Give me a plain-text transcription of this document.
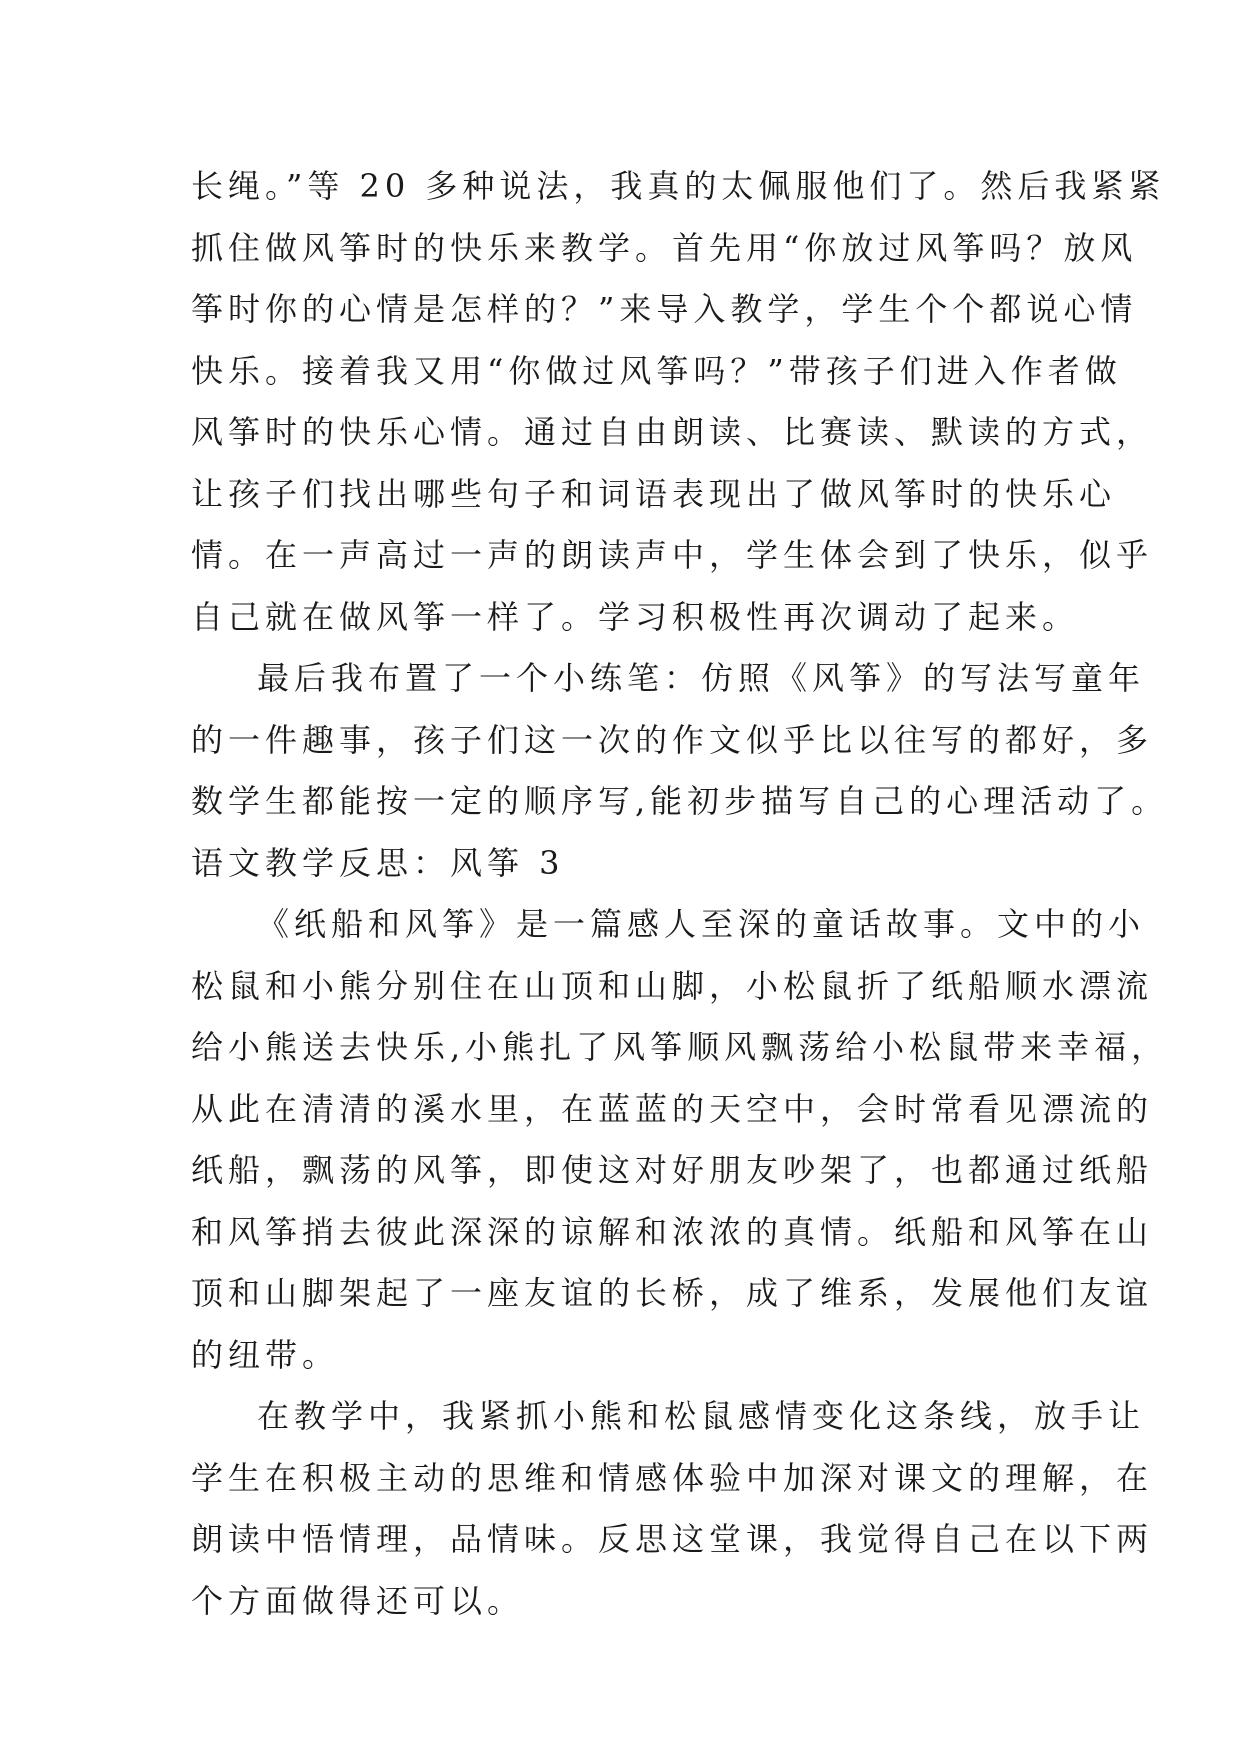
长绳。”等 20 多种说法，我真的太佩服他们了。然后我紧紧
抓住做风筝时的快乐来教学。首先用“你放过风筝吗？放风
筝时你的心情是怎样的？”来导入教学，学生个个都说心情
快乐。接着我又用“你做过风筝吗？”带孩子们进入作者做
风筝时的快乐心情。通过自由朗读、比赛读、默读的方式，
让孩子们找出哪些句子和词语表现出了做风筝时的快乐心
情。在一声高过一声的朗读声中，学生体会到了快乐，似乎
自己就在做风筝一样了。学习积极性再次调动了起来。
最后我布置了一个小练笔：仿照《风筝》的写法写童年
的一件趣事，孩子们这一次的作文似乎比以往写的都好，多
数学生都能按一定的顺序写,能初步描写自己的心理活动了。
语文教学反思：风筝 3
《纸船和风筝》是一篇感人至深的童话故事。文中的小
松鼠和小熊分别住在山顶和山脚，小松鼠折了纸船顺水漂流
给小熊送去快乐,小熊扎了风筝顺风飘荡给小松鼠带来幸福，
从此在清清的溪水里，在蓝蓝的天空中，会时常看见漂流的
纸船，飘荡的风筝，即使这对好朋友吵架了，也都通过纸船
和风筝捎去彼此深深的谅解和浓浓的真情。纸船和风筝在山
顶和山脚架起了一座友谊的长桥，成了维系，发展他们友谊
的纽带。
在教学中，我紧抓小熊和松鼠感情变化这条线，放手让
学生在积极主动的思维和情感体验中加深对课文的理解，在
朗读中悟情理，品情味。反思这堂课，我觉得自己在以下两
个方面做得还可以。
